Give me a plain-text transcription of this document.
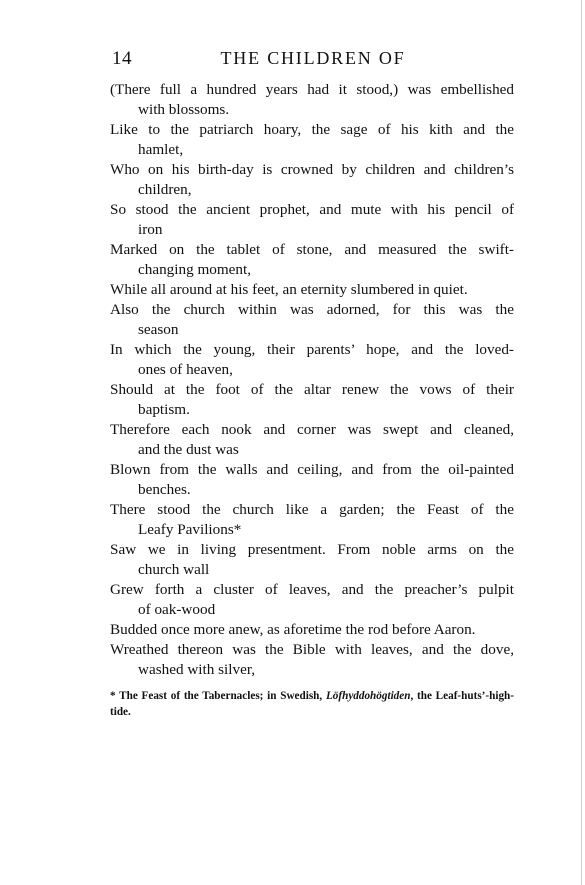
14	THE CHILDREN OF

(There full a hundred years had it stood,) was embellished

with blossoms.

Like to the patriarch hoary, the sage of his kith and the

hamlet,

Who on his birth-day is crowned by children and children’s

children,

So stood the ancient prophet, and mute with his pencil of

iron

Marked on the tablet of stone, and measured the swift-

changing moment,

While all around at his feet, an eternity slumbered in quiet.

Also the church within was adorned, for this was the

season

In which the young, their parents’ hope, and the loved-

ones of heaven,

Should at the foot of the altar renew the vows of their

baptism.

Therefore each nook and corner was swept and cleaned,

and the dust was

Blown from the walls and ceiling, and from the oil-painted

benches.

There stood the church like a garden; the Feast of the

Leafy Pavilions*

Saw we in living presentment. From noble arms on the

church wall

Grew forth a cluster of leaves, and the preacher’s pulpit

of oak-wood

Budded once more anew, as aforetime the rod before Aaron.

Wreathed thereon was the Bible with leaves, and the dove,

washed with silver,

* The Feast of the Tabernacles; in Swedish, Löfhyddohögtiden, the Leaf-huts’-high-tide.
